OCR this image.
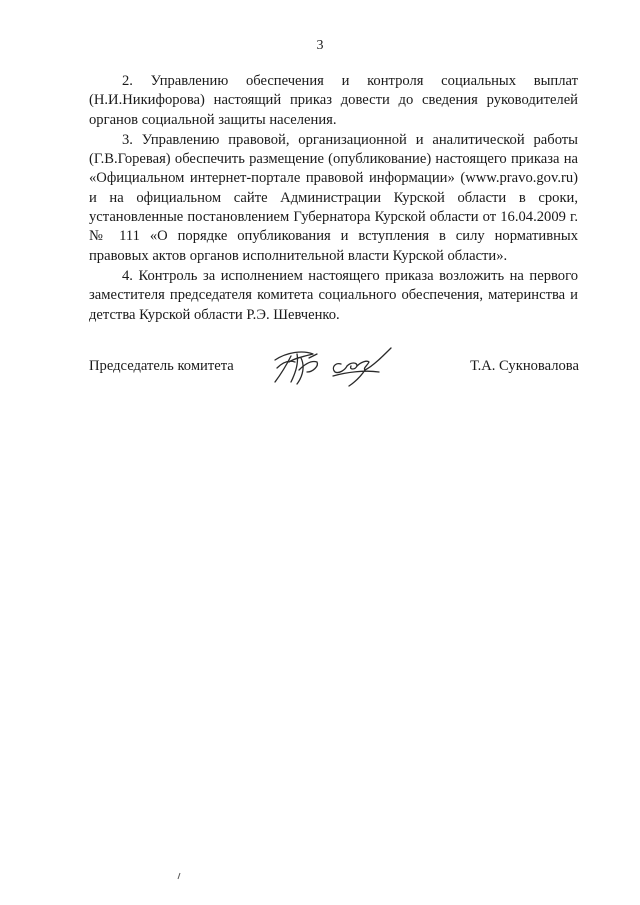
3

2. Управлению обеспечения и контроля социальных выплат (Н.И.Никифорова) настоящий приказ довести до сведения руководителей органов социальной защиты населения.

3. Управлению правовой, организационной и аналитической работы (Г.В.Горевая) обеспечить размещение (опубликование) настоящего приказа на «Официальном интернет-портале правовой информации» (www.pravo.gov.ru) и на официальном сайте Администрации Курской области в сроки, установленные постановлением Губернатора Курской области от 16.04.2009 г. № 111 «О порядке опубликования и вступления в силу нормативных правовых актов органов исполнительной власти Курской области».

4. Контроль за исполнением настоящего приказа возложить на первого заместителя председателя комитета социального обеспечения, материнства и детства Курской области Р.Э. Шевченко.

Председатель комитета	Т.А. Сукновалова
